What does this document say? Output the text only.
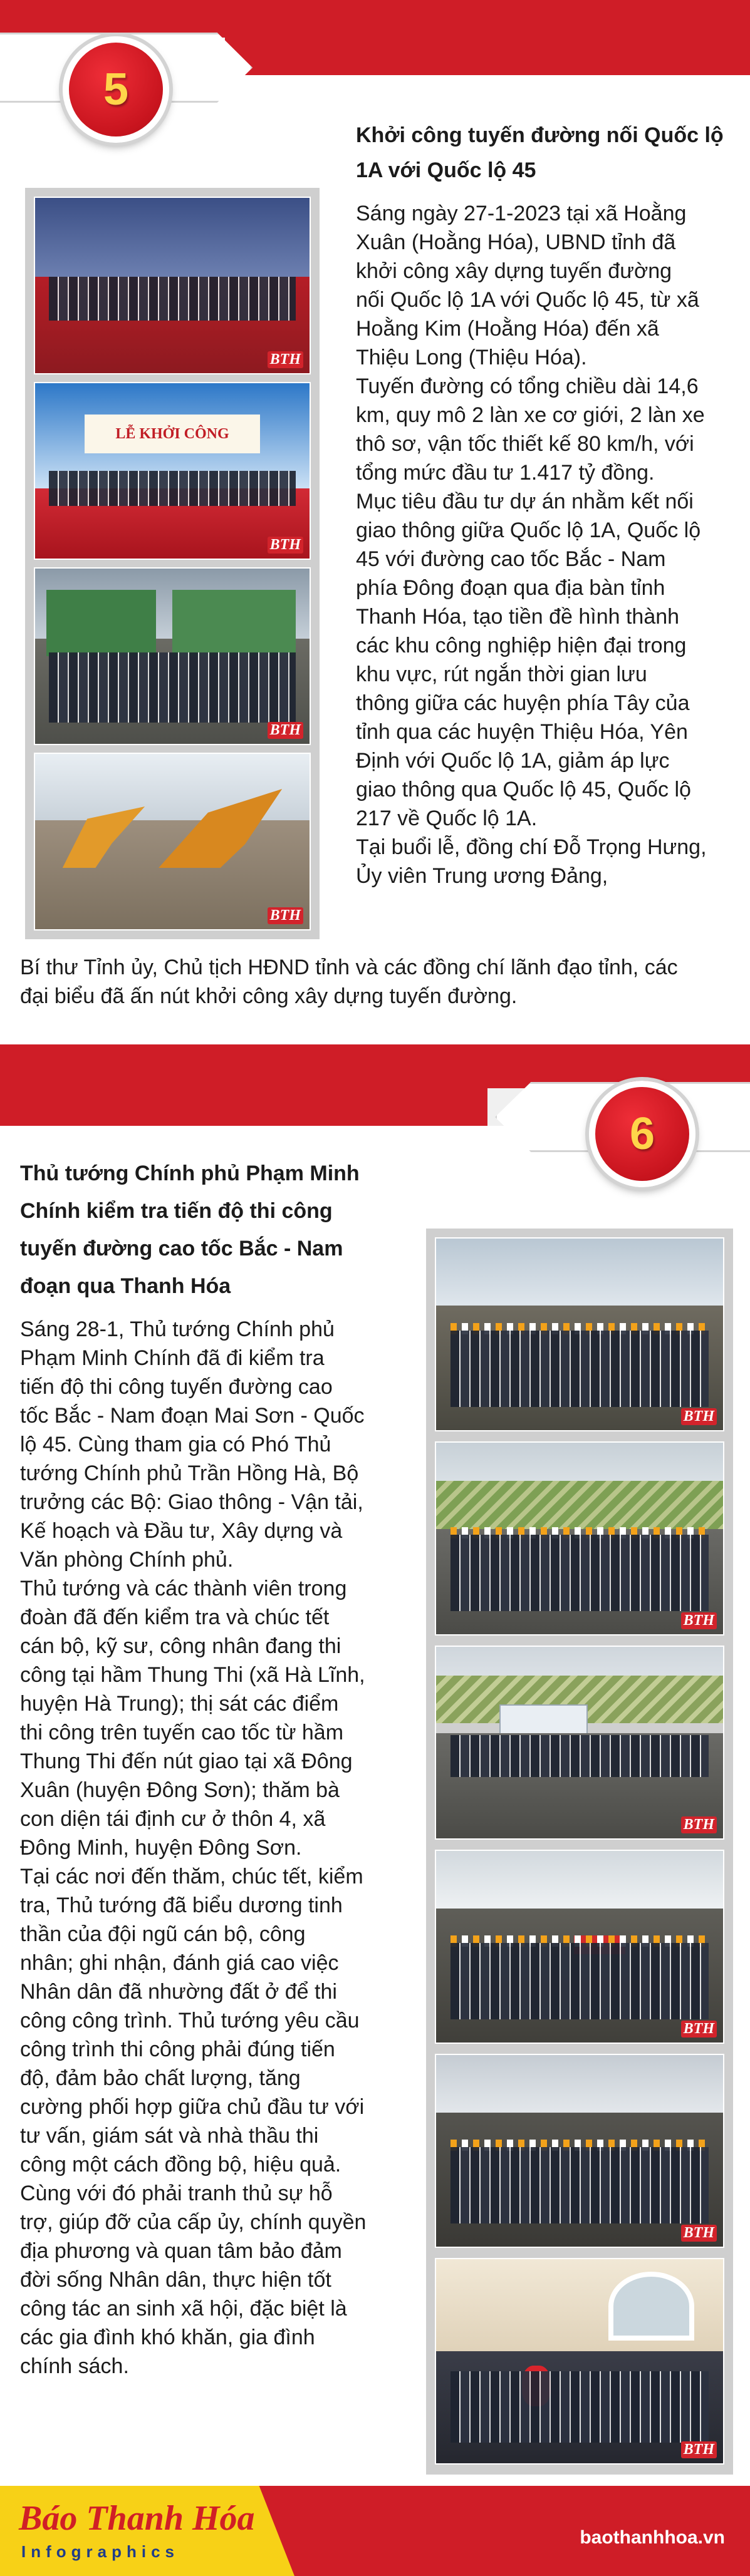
5
Khởi công tuyến đường nối Quốc lộ 1A với Quốc lộ 45
BTH
LỄ KHỞI CÔNG
BTH
BTH
BTH

Sáng ngày 27-1-2023 tại xã Hoằng

Xuân (Hoằng Hóa), UBND tỉnh đã

khởi công xây dựng tuyến đường

nối Quốc lộ 1A với Quốc lộ 45, từ xã

Hoằng Kim (Hoằng Hóa) đến xã

Thiệu Long (Thiệu Hóa).

Tuyến đường có tổng chiều dài 14,6

km, quy mô 2 làn xe cơ giới, 2 làn xe

thô sơ, vận tốc thiết kế 80 km/h, với

tổng mức đầu tư 1.417 tỷ đồng.

Mục tiêu đầu tư dự án nhằm kết nối

giao thông giữa Quốc lộ 1A, Quốc lộ

45 với đường cao tốc Bắc - Nam

phía Đông đoạn qua địa bàn tỉnh

Thanh Hóa, tạo tiền đề hình thành

các khu công nghiệp hiện đại trong

khu vực, rút ngắn thời gian lưu

thông giữa các huyện phía Tây của

tỉnh qua các huyện Thiệu Hóa, Yên

Định với Quốc lộ 1A, giảm áp lực

giao thông qua Quốc lộ 45, Quốc lộ

217 về Quốc lộ 1A.

Tại buổi lễ, đồng chí Đỗ Trọng Hưng,

Ủy viên Trung ương Đảng,

Bí thư Tỉnh ủy, Chủ tịch HĐND tỉnh và các đồng chí lãnh đạo tỉnh, các

đại biểu đã ấn nút khởi công xây dựng tuyến đường.

6
Thủ tướng Chính phủ Phạm Minh
Chính kiểm tra tiến độ thi công
tuyến đường cao tốc Bắc - Nam
đoạn qua Thanh Hóa

Sáng 28-1, Thủ tướng Chính phủ

Phạm Minh Chính đã đi kiểm tra

tiến độ thi công tuyến đường cao

tốc Bắc - Nam đoạn Mai Sơn - Quốc

lộ 45. Cùng tham gia có Phó Thủ

tướng Chính phủ Trần Hồng Hà, Bộ

trưởng các Bộ: Giao thông - Vận tải,

Kế hoạch và Đầu tư, Xây dựng và

Văn phòng Chính phủ.

Thủ tướng và các thành viên trong

đoàn đã đến kiểm tra và chúc tết

cán bộ, kỹ sư, công nhân đang thi

công tại hầm Thung Thi (xã Hà Lĩnh,

huyện Hà Trung); thị sát các điểm

thi công trên tuyến cao tốc từ hầm

Thung Thi đến nút giao tại xã Đông

Xuân (huyện Đông Sơn); thăm bà

con diện tái định cư ở thôn 4, xã

Đông Minh, huyện Đông Sơn.

Tại các nơi đến thăm, chúc tết, kiểm

tra, Thủ tướng đã biểu dương tinh

thần của đội ngũ cán bộ, công

nhân; ghi nhận, đánh giá cao việc

Nhân dân đã nhường đất ở để thi

công công trình. Thủ tướng yêu cầu

công trình thi công phải đúng tiến

độ, đảm bảo chất lượng, tăng

cường phối hợp giữa chủ đầu tư với

tư vấn, giám sát và nhà thầu thi

công một cách đồng bộ, hiệu quả.

Cùng với đó phải tranh thủ sự hỗ

trợ, giúp đỡ của cấp ủy, chính quyền

địa phương và quan tâm bảo đảm

đời sống Nhân dân, thực hiện tốt

công tác an sinh xã hội, đặc biệt là

các gia đình khó khăn, gia đình

chính sách.

BTH
BTH
BTH
BTH
BTH
BTH
Báo Thanh Hóa
Infographics
baothanhhoa.vn
